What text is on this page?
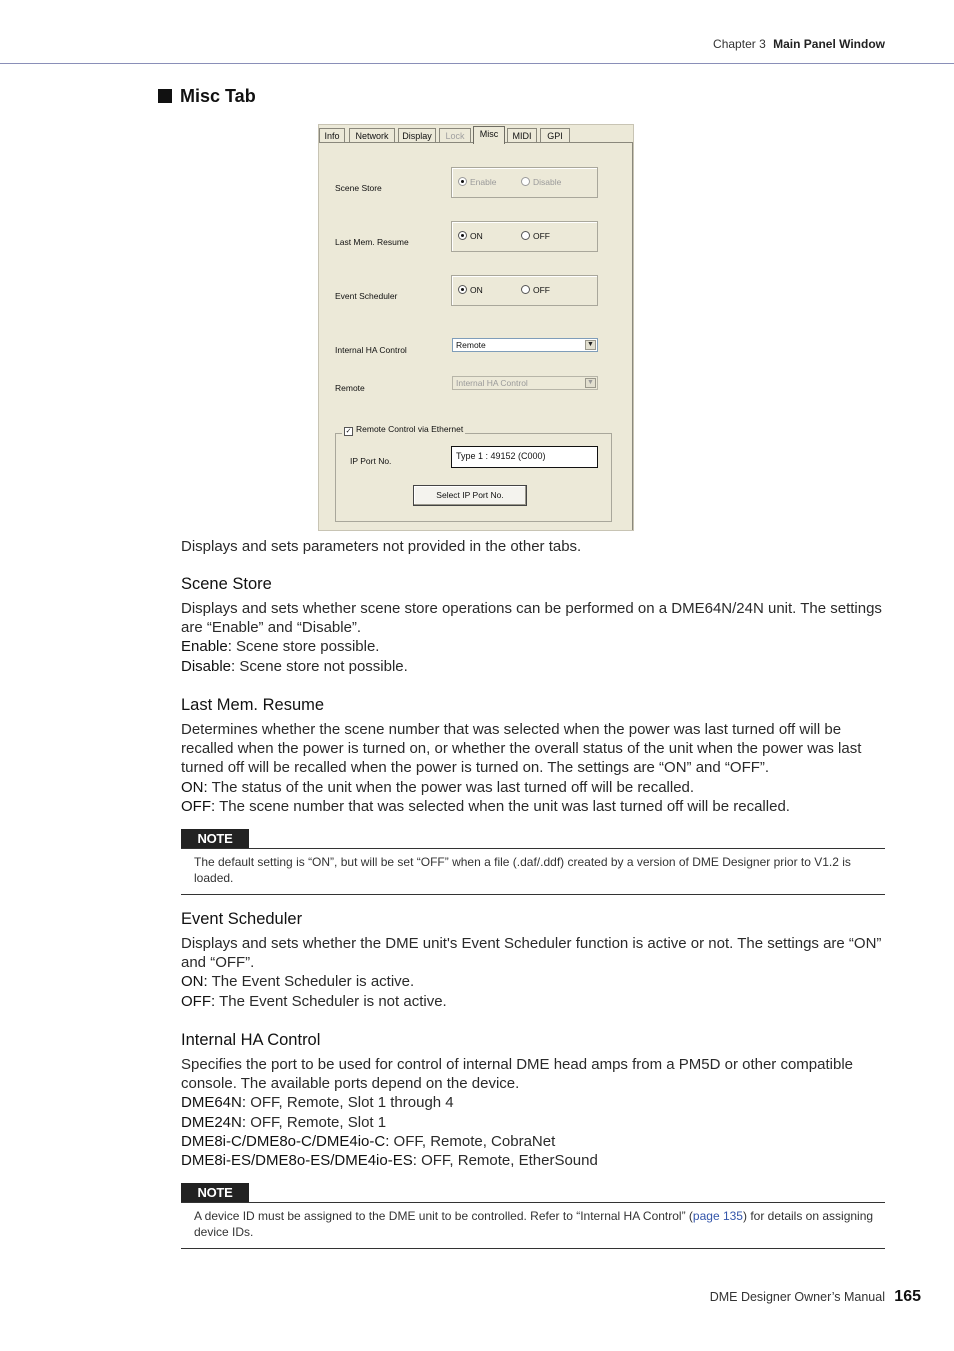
Chapter 3 Main Panel Window
Misc Tab
Info	Network	Display	Lock	Misc	MIDI	GPI
Scene Store
Enable	Disable
Last Mem. Resume
ON	OFF
Event Scheduler
ON	OFF
Internal HA Control	Remote	▼
Remote	Internal HA Control	▼
✓ Remote Control via Ethernet
IP Port No.	Type 1 : 49152 (C000)
Select IP Port No.
Displays and sets parameters not provided in the other tabs.
Scene Store

Displays and sets whether scene store operations can be performed on a DME64N/24N unit. The settings are “Enable” and “Disable”.

Enable: Scene store possible.

Disable: Scene store not possible.

Last Mem. Resume

Determines whether the scene number that was selected when the power was last turned off will be recalled when the power is turned on, or whether the overall status of the unit when the power was last turned off will be recalled when the power is turned on. The settings are “ON” and “OFF”.

ON: The status of the unit when the power was last turned off will be recalled.

OFF: The scene number that was selected when the unit was last turned off will be recalled.

NOTE
The default setting is “ON”, but will be set “OFF” when a file (.daf/.ddf) created by a version of DME Designer prior to V1.2 is loaded.
Event Scheduler

Displays and sets whether the DME unit's Event Scheduler function is active or not. The settings are “ON” and “OFF”.

ON: The Event Scheduler is active.

OFF: The Event Scheduler is not active.

Internal HA Control

Specifies the port to be used for control of internal DME head amps from a PM5D or other compatible console. The available ports depend on the device.

DME64N: OFF, Remote, Slot 1 through 4

DME24N: OFF, Remote, Slot 1

DME8i-C/DME8o-C/DME4io-C: OFF, Remote, CobraNet

DME8i-ES/DME8o-ES/DME4io-ES: OFF, Remote, EtherSound

NOTE
A device ID must be assigned to the DME unit to be controlled. Refer to “Internal HA Control” (page 135) for details on assigning device IDs.
DME Designer Owner’s Manual 165
